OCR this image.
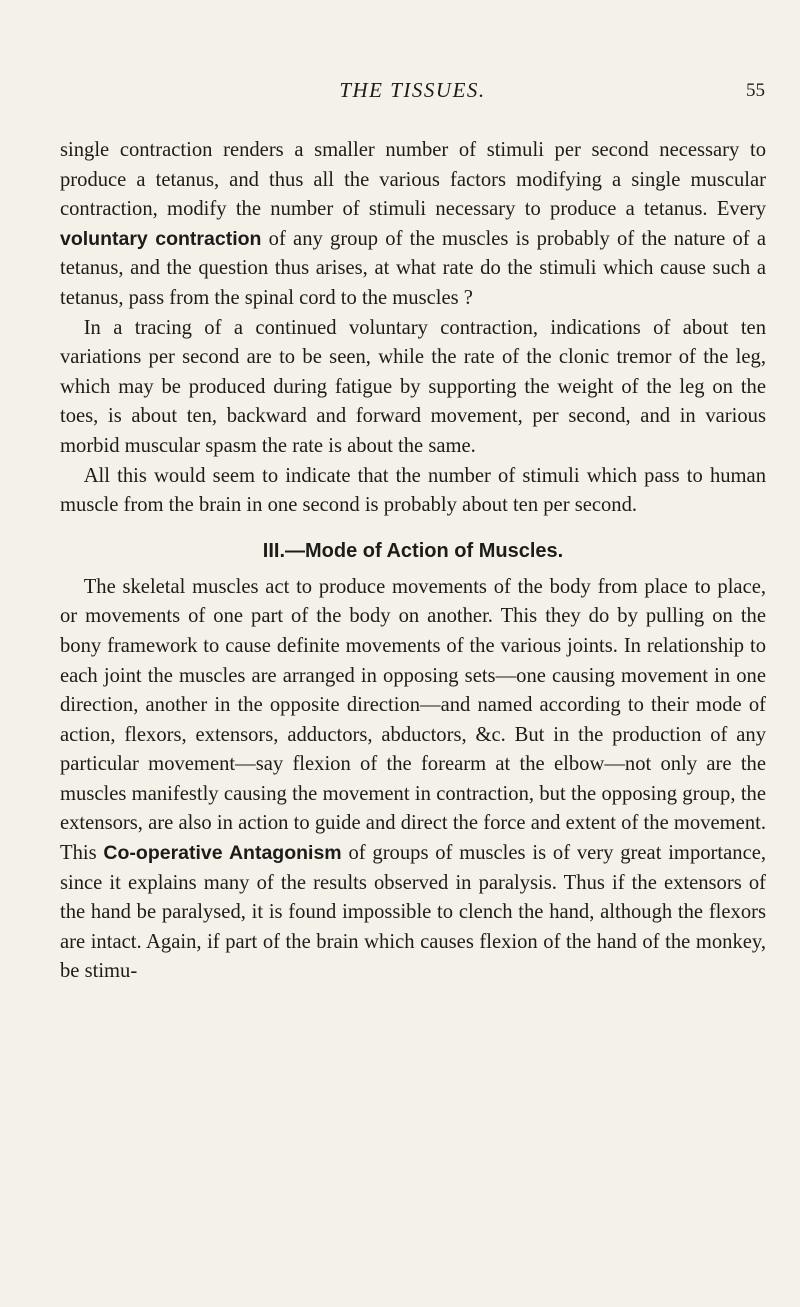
THE TISSUES.	55

single contraction renders a smaller number of stimuli per second necessary to produce a tetanus, and thus all the various factors modifying a single muscular contraction, modify the number of stimuli necessary to produce a tetanus. Every voluntary contraction of any group of the muscles is probably of the nature of a tetanus, and the question thus arises, at what rate do the stimuli which cause such a tetanus, pass from the spinal cord to the muscles ?

In a tracing of a continued voluntary contraction, indications of about ten variations per second are to be seen, while the rate of the clonic tremor of the leg, which may be produced during fatigue by supporting the weight of the leg on the toes, is about ten, backward and forward movement, per second, and in various morbid muscular spasm the rate is about the same.

All this would seem to indicate that the number of stimuli which pass to human muscle from the brain in one second is probably about ten per second.

III.—Mode of Action of Muscles.

The skeletal muscles act to produce movements of the body from place to place, or movements of one part of the body on another. This they do by pulling on the bony framework to cause definite movements of the various joints. In relationship to each joint the muscles are arranged in opposing sets—one causing movement in one direction, another in the opposite direction—and named according to their mode of action, flexors, extensors, adductors, abductors, &c. But in the production of any particular movement—say flexion of the forearm at the elbow—not only are the muscles manifestly causing the movement in contraction, but the opposing group, the extensors, are also in action to guide and direct the force and extent of the movement. This Co-operative Antagonism of groups of muscles is of very great importance, since it explains many of the results observed in paralysis. Thus if the extensors of the hand be paralysed, it is found impossible to clench the hand, although the flexors are intact. Again, if part of the brain which causes flexion of the hand of the monkey, be stimu-
